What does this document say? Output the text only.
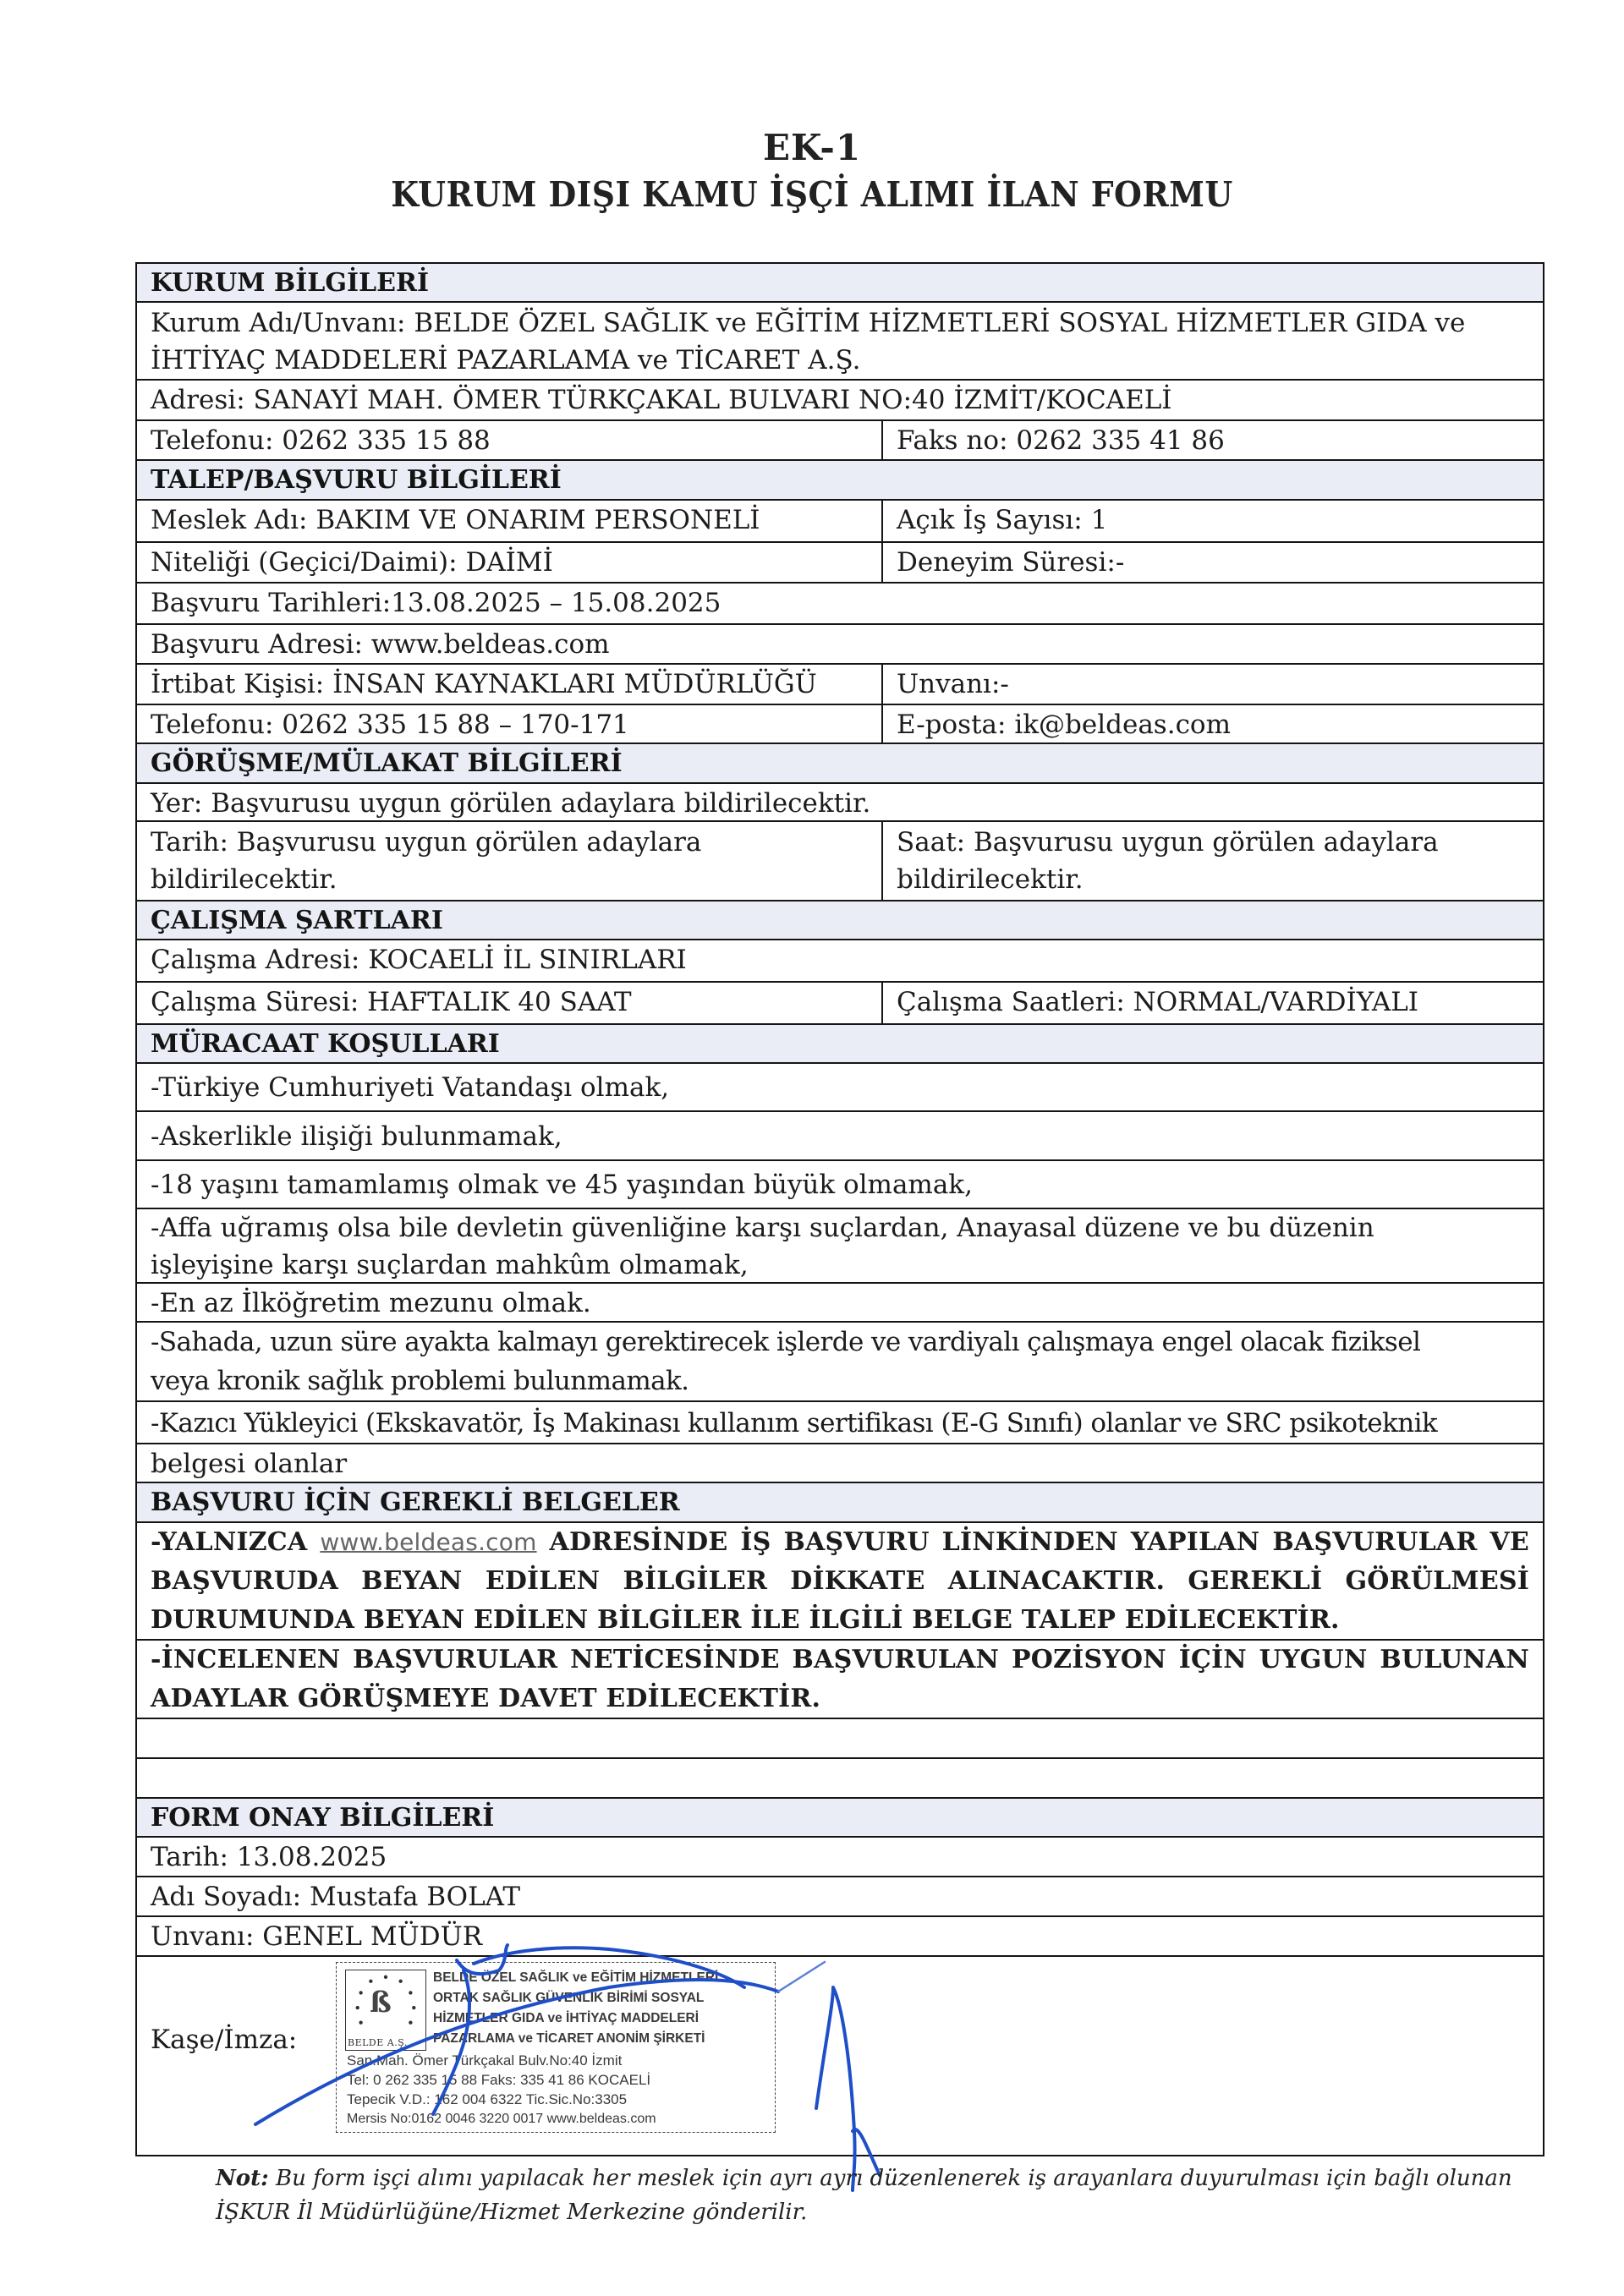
EK-1
KURUM DIŞI KAMU İŞÇİ ALIMI İLAN FORMU
KURUM BİLGİLERİ
Kurum Adı/Unvanı: BELDE ÖZEL SAĞLIK ve EĞİTİM HİZMETLERİ SOSYAL HİZMETLER GIDA ve
İHTİYAÇ MADDELERİ PAZARLAMA ve TİCARET A.Ş.
Adresi: SANAYİ MAH. ÖMER TÜRKÇAKAL BULVARI NO:40 İZMİT/KOCAELİ
Telefonu: 0262 335 15 88	Faks no: 0262 335 41 86
TALEP/BAŞVURU BİLGİLERİ
Meslek Adı: BAKIM VE ONARIM PERSONELİ	Açık İş Sayısı: 1
Niteliği (Geçici/Daimi): DAİMİ	Deneyim Süresi:-
Başvuru Tarihleri:13.08.2025 – 15.08.2025
Başvuru Adresi: www.beldeas.com
İrtibat Kişisi: İNSAN KAYNAKLARI MÜDÜRLÜĞÜ	Unvanı:-
Telefonu: 0262 335 15 88 – 170-171	E-posta: ik@beldeas.com
GÖRÜŞME/MÜLAKAT BİLGİLERİ
Yer: Başvurusu uygun görülen adaylara bildirilecektir.
Tarih: Başvurusu uygun görülen adaylara
bildirilecektir.
Saat: Başvurusu uygun görülen adaylara
bildirilecektir.
ÇALIŞMA ŞARTLARI
Çalışma Adresi: KOCAELİ İL SINIRLARI
Çalışma Süresi: HAFTALIK 40 SAAT	Çalışma Saatleri: NORMAL/VARDİYALI
MÜRACAAT KOŞULLARI
-Türkiye Cumhuriyeti Vatandaşı olmak,
-Askerlikle ilişiği bulunmamak,
-18 yaşını tamamlamış olmak ve 45 yaşından büyük olmamak,
-Affa uğramış olsa bile devletin güvenliğine karşı suçlardan, Anayasal düzene ve bu düzenin
işleyişine karşı suçlardan mahkûm olmamak,
-En az İlköğretim mezunu olmak.
-Sahada, uzun süre ayakta kalmayı gerektirecek işlerde ve vardiyalı çalışmaya engel olacak fiziksel
veya kronik sağlık problemi bulunmamak.
-Kazıcı Yükleyici (Ekskavatör, İş Makinası kullanım sertifikası (E-G Sınıfı) olanlar ve SRC psikoteknik
belgesi olanlar
BAŞVURU İÇİN GEREKLİ BELGELER
-YALNIZCA www.beldeas.com ADRESİNDE İŞ BAŞVURU LİNKİNDEN YAPILAN BAŞVURULAR VE BAŞVURUDA BEYAN EDİLEN BİLGİLER DİKKATE ALINACAKTIR. GEREKLİ GÖRÜLMESİ DURUMUNDA BEYAN EDİLEN BİLGİLER İLE İLGİLİ BELGE TALEP EDİLECEKTİR.
-İNCELENEN BAŞVURULAR NETİCESİNDE BAŞVURULAN POZİSYON İÇİN UYGUN BULUNAN ADAYLAR GÖRÜŞMEYE DAVET EDİLECEKTİR.
FORM ONAY BİLGİLERİ
Tarih: 13.08.2025
Adı Soyadı: Mustafa BOLAT
Unvanı: GENEL MÜDÜR
Kaşe/İmza:
ß
BELDE A.Ş.
BELDE ÖZEL SAĞLIK ve EĞİTİM HİZMETLERİ
ORTAK SAĞLIK GÜVENLİK BİRİMİ SOSYAL
HİZMETLER GIDA ve İHTİYAÇ MADDELERİ
PAZARLAMA ve TİCARET ANONİM ŞİRKETİ
San.Mah. Ömer Türkçakal Bulv.No:40 İzmit
Tel: 0 262 335 15 88 Faks: 335 41 86 KOCAELİ
Tepecik V.D.: 162 004 6322 Tic.Sic.No:3305
Mersis No:0162 0046 3220 0017 www.beldeas.com
Not: Bu form işçi alımı yapılacak her meslek için ayrı ayrı düzenlenerek iş arayanlara duyurulması için bağlı olunan İŞKUR İl Müdürlüğüne/Hizmet Merkezine gönderilir.
